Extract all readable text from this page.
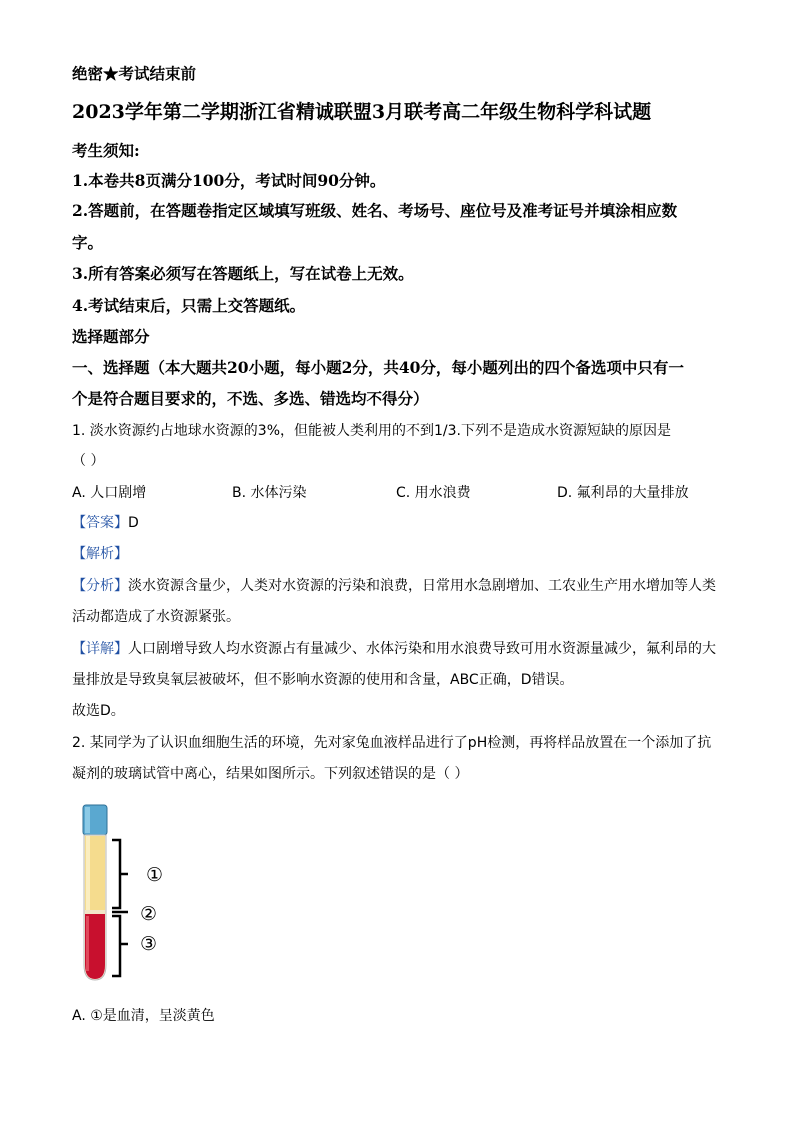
绝密★考试结束前
2023学年第二学期浙江省精诚联盟3月联考高二年级生物科学科试题
考生须知:
1.本卷共8页满分100分，考试时间90分钟。
2.答题前，在答题卷指定区域填写班级、姓名、考场号、座位号及准考证号并填涂相应数
字。
3.所有答案必须写在答题纸上，写在试卷上无效。
4.考试结束后，只需上交答题纸。
选择题部分
一、选择题（本大题共20小题，每小题2分，共40分，每小题列出的四个备选项中只有一
个是符合题目要求的，不选、多选、错选均不得分）
1. 淡水资源约占地球水资源的3%，但能被人类利用的不到1/3.下列不是造成水资源短缺的原因是
（ ）
A. 人口剧增	B. 水体污染	C. 用水浪费	D. 氟利昂的大量排放
【答案】D
【解析】
【分析】淡水资源含量少，人类对水资源的污染和浪费，日常用水急剧增加、工农业生产用水增加等人类
活动都造成了水资源紧张。
【详解】人口剧增导致人均水资源占有量减少、水体污染和用水浪费导致可用水资源量减少，氟利昂的大
量排放是导致臭氧层被破坏，但不影响水资源的使用和含量，ABC正确，D错误。
故选D。
2. 某同学为了认识血细胞生活的环境，先对家兔血液样品进行了pH检测，再将样品放置在一个添加了抗
凝剂的玻璃试管中离心，结果如图所示。下列叙述错误的是（ ）
①
②
③
A. ①是血清，呈淡黄色
